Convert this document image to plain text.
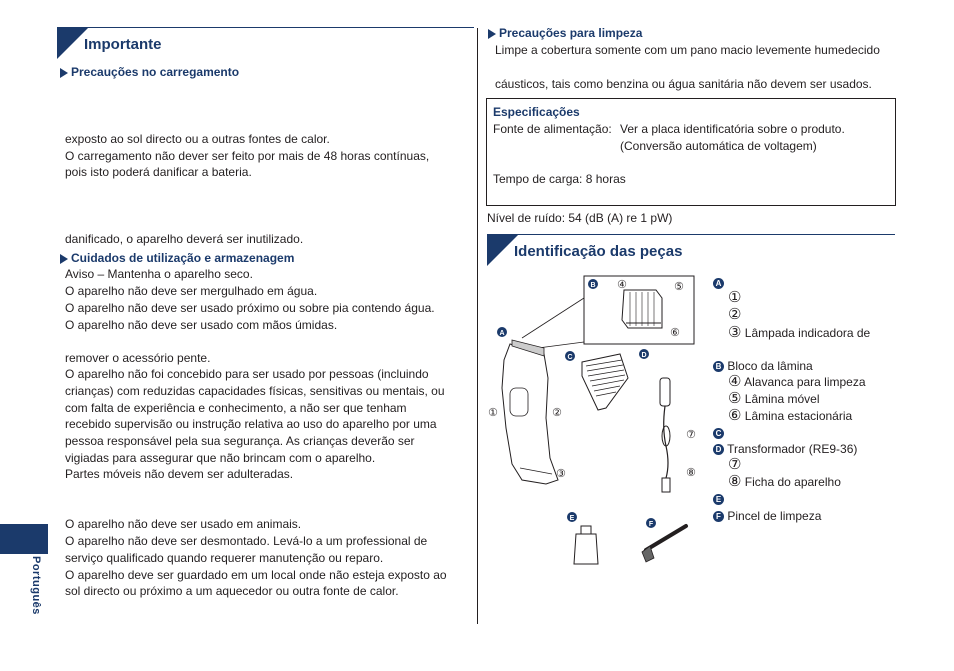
Importante
Precauções no carregamento
exposto ao sol directo ou a outras fontes de calor.
O carregamento não dever ser feito por mais de 48 horas contínuas,
pois isto poderá danificar a bateria.
danificado, o aparelho deverá ser inutilizado.
Cuidados de utilização e armazenagem
Aviso – Mantenha o aparelho seco.
O aparelho não deve ser mergulhado em água.
O aparelho não deve ser usado próximo ou sobre pia contendo água.
O aparelho não deve ser usado com mãos úmidas.
remover o acessório pente.
O aparelho não foi concebido para ser usado por pessoas (incluindo
crianças) com reduzidas capacidades físicas, sensitivas ou mentais, ou
com falta de experiência e conhecimento, a não ser que tenham
recebido supervisão ou instrução relativa ao uso do aparelho por uma
pessoa responsável pela sua segurança. As crianças deverão ser
vigiadas para assegurar que não brincam com o aparelho.
Partes móveis não devem ser adulteradas.
O aparelho não deve ser usado em animais.
O aparelho não deve ser desmontado. Levá-lo a um professional de
serviço qualificado quando requerer manutenção ou reparo.
O aparelho deve ser guardado em um local onde não esteja exposto ao
sol directo ou próximo a um aquecedor ou outra fonte de calor.
Português
Precauções para limpeza
Limpe a cobertura somente com um pano macio levemente humedecido
cáusticos, tais como benzina ou água sanitária não devem ser usados.
Especificações
Fonte de alimentação: Ver a placa identificatória sobre o produto.
(Conversão automática de voltagem)
Tempo de carga: 8 horas
Nível de ruído: 54 (dB (A) re 1 pW)
Identificação das peças
A
①
②
③ Lâmpada indicadora de
B Bloco da lâmina
④ Alavanca para limpeza
⑤ Lâmina móvel
⑥ Lâmina estacionária
C
D Transformador (RE9-36)
⑦
⑧ Ficha do aparelho
E
F Pincel de limpeza
B
A
C	D
E
F
①	②
③
④	⑤
⑥
⑦
⑧
